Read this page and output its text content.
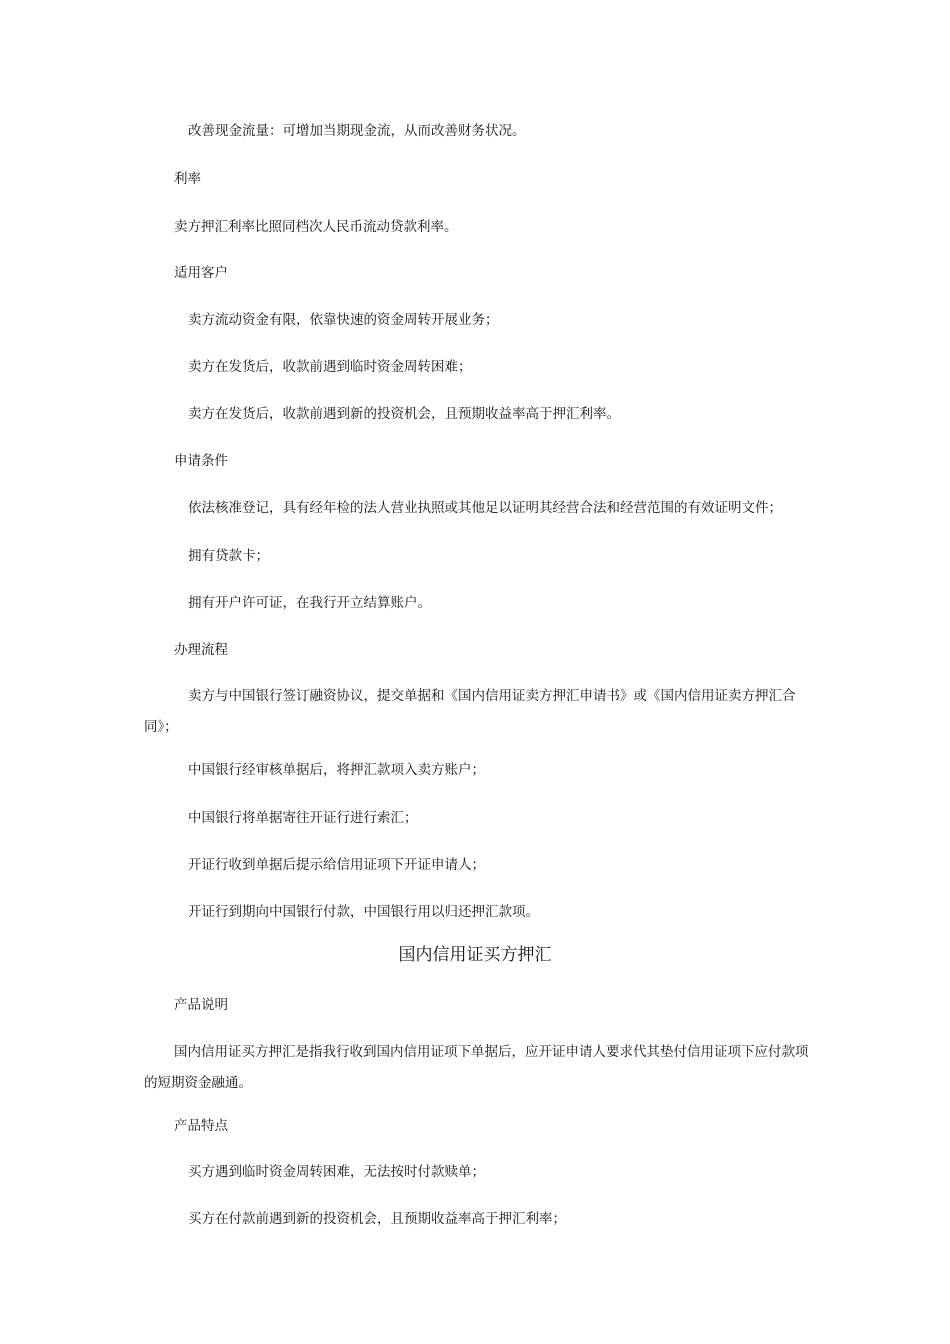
改善现金流量：可增加当期现金流，从而改善财务状况。

利率

卖方押汇利率比照同档次人民币流动贷款利率。

适用客户

卖方流动资金有限，依靠快速的资金周转开展业务；

卖方在发货后，收款前遇到临时资金周转困难；

卖方在发货后，收款前遇到新的投资机会，且预期收益率高于押汇利率。

申请条件

依法核准登记，具有经年检的法人营业执照或其他足以证明其经营合法和经营范围的有效证明文件；

拥有贷款卡；

拥有开户许可证，在我行开立结算账户。

办理流程

卖方与中国银行签订融资协议，提交单据和《国内信用证卖方押汇申请书》或《国内信用证卖方押汇合同》；

中国银行经审核单据后，将押汇款项入卖方账户；

中国银行将单据寄往开证行进行索汇；

开证行收到单据后提示给信用证项下开证申请人；

开证行到期向中国银行付款，中国银行用以归还押汇款项。

国内信用证买方押汇

产品说明

国内信用证买方押汇是指我行收到国内信用证项下单据后，应开证申请人要求代其垫付信用证项下应付款项的短期资金融通。

产品特点

买方遇到临时资金周转困难，无法按时付款赎单；

买方在付款前遇到新的投资机会，且预期收益率高于押汇利率；
